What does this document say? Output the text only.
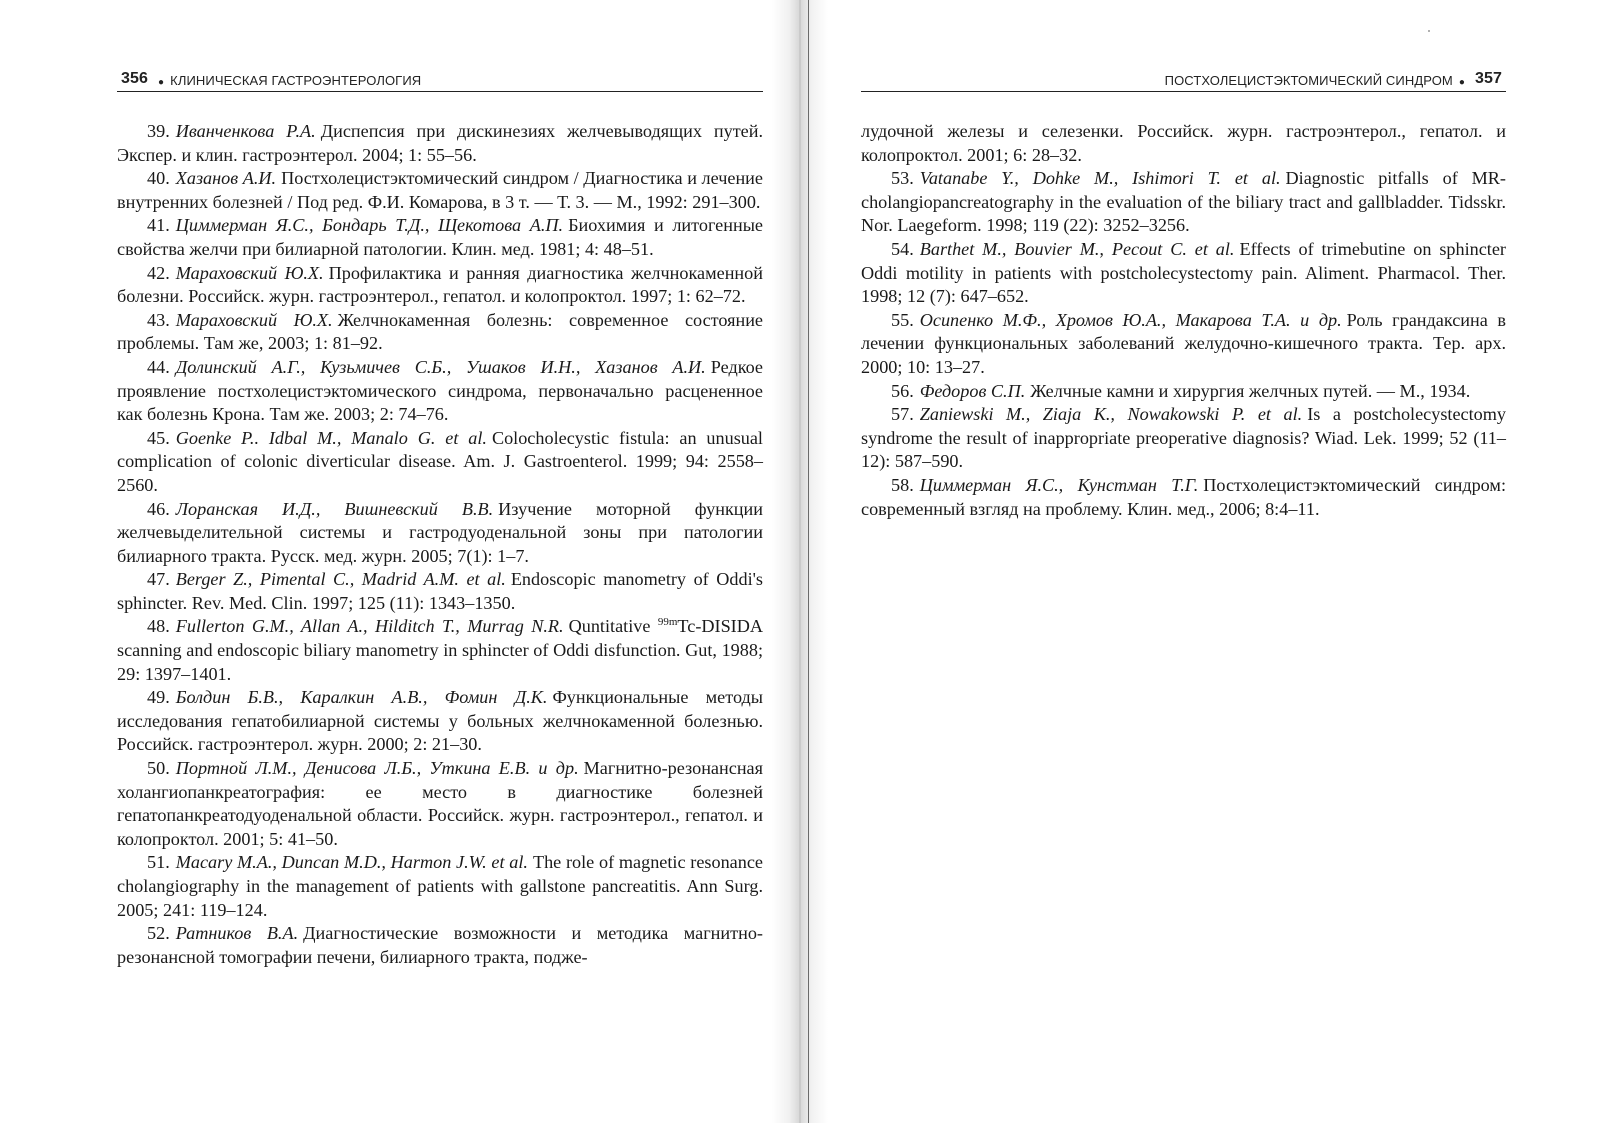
356 ● КЛИНИЧЕСКАЯ ГАСТРОЭНТЕРОЛОГИЯ

39. Иванченкова Р.А. Диспепсия при дискинезиях желчевыводящих путей. Экспер. и клин. гастроэнтерол. 2004; 1: 55–56.

40. Хазанов А.И. Постхолецистэктомический синдром / Диагностика и лечение внутренних болезней / Под ред. Ф.И. Комарова, в 3 т. — Т. 3. — М., 1992: 291–300.

41. Циммерман Я.С., Бондарь Т.Д., Щекотова А.П. Биохимия и литогенные свойства желчи при билиарной патологии. Клин. мед. 1981; 4: 48–51.

42. Мараховский Ю.Х. Профилактика и ранняя диагностика желчнокаменной болезни. Российск. журн. гастроэнтерол., гепатол. и колопроктол. 1997; 1: 62–72.

43. Мараховский Ю.Х. Желчнокаменная болезнь: современное состояние проблемы. Там же, 2003; 1: 81–92.

44. Долинский А.Г., Кузьмичев С.Б., Ушаков И.Н., Хазанов А.И. Редкое проявление постхолецистэктомического синдрома, первоначально расцененное как болезнь Крона. Там же. 2003; 2: 74–76.

45. Goenke P.. Idbal M., Manalo G. et al. Colocholecystic fistula: an unusual complication of colonic diverticular disease. Am. J. Gastroenterol. 1999; 94: 2558–2560.

46. Лоранская И.Д., Вишневский В.В. Изучение моторной функции желчевыделительной системы и гастродуоденальной зоны при патологии билиарного тракта. Русск. мед. журн. 2005; 7(1): 1–7.

47. Berger Z., Pimental C., Madrid A.M. et al. Endoscopic manometry of Oddi's sphincter. Rev. Med. Clin. 1997; 125 (11): 1343–1350.

48. Fullerton G.M., Allan A., Hilditch T., Murrag N.R. Quntitative $^{99m}$Tc-DISIDA scanning and endoscopic biliary manometry in sphincter of Oddi disfunction. Gut, 1988; 29: 1397–1401.

49. Болдин Б.В., Каралкин А.В., Фомин Д.К. Функциональные методы исследования гепатобилиарной системы у больных желчнокаменной болезнью. Российск. гастроэнтерол. журн. 2000; 2: 21–30.

50. Портной Л.М., Денисова Л.Б., Уткина Е.В. и др. Магнитно-резонансная холангиопанкреатография: ее место в диагностике болезней гепатопанкреатодуоденальной области. Российск. журн. гастроэнтерол., гепатол. и колопроктол. 2001; 5: 41–50.

51. Macary M.A., Duncan M.D., Harmon J.W. et al. The role of magnetic resonance cholangiography in the management of patients with gallstone pancreatitis. Ann Surg. 2005; 241: 119–124.

52. Ратников В.А. Диагностические возможности и методика магнитно-резонансной томографии печени, билиарного тракта, подже-

ПОСТХОЛЕЦИСТЭКТОМИЧЕСКИЙ СИНДРОМ ● 357

лудочной железы и селезенки. Российск. журн. гастроэнтерол., гепатол. и колопроктол. 2001; 6: 28–32.

53. Vatanabe Y., Dohke M., Ishimori T. et al. Diagnostic pitfalls of MR-cholangiopancreatography in the evaluation of the biliary tract and gallbladder. Tidsskr. Nor. Laegeform. 1998; 119 (22): 3252–3256.

54. Barthet M., Bouvier M., Pecout C. et al. Effects of trimebutine on sphincter Oddi motility in patients with postcholecystectomy pain. Aliment. Pharmacol. Ther. 1998; 12 (7): 647–652.

55. Осипенко М.Ф., Хромов Ю.А., Макарова Т.А. и др. Роль грандаксина в лечении функциональных заболеваний желудочно-кишечного тракта. Тер. арх. 2000; 10: 13–27.

56. Федоров С.П. Желчные камни и хирургия желчных путей. — М., 1934.

57. Zaniewski M., Ziaja K., Nowakowski P. et al. Is a postcholecystectomy syndrome the result of inappropriate preoperative diagnosis? Wiad. Lek. 1999; 52 (11–12): 587–590.

58. Циммерман Я.С., Кунстман Т.Г. Постхолецистэктомический синдром: современный взгляд на проблему. Клин. мед., 2006; 8:4–11.
